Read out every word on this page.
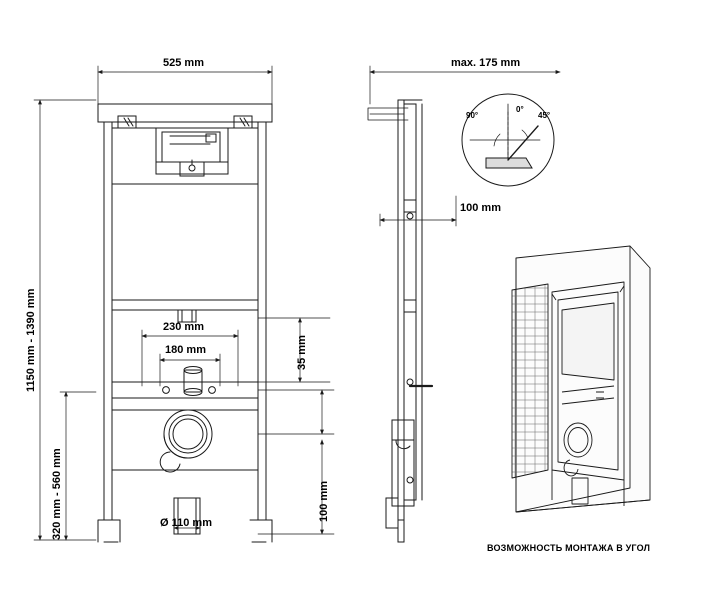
525 mm
1150 mm - 1390 mm
320 mm - 560 mm
230 mm
180 mm	35 mm
100 mm
Ø 110 mm
max. 175 mm
100 mm
90°
0°
45°
ВОЗМОЖНОСТЬ МОНТАЖА В УГОЛ
